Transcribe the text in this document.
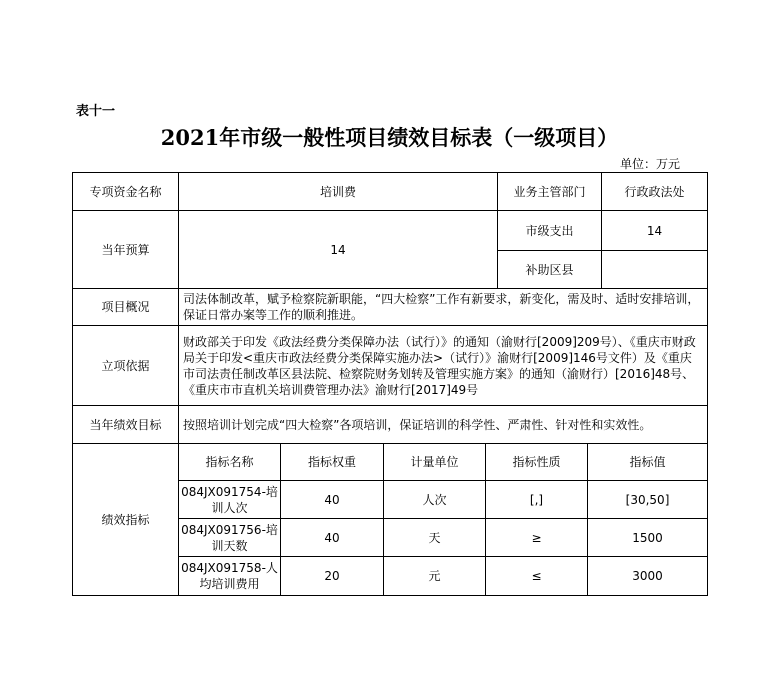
表十一
2021年市级一般性项目绩效目标表（一级项目）
单位：万元
专项资金名称	培训费				业务主管部门		行政政法处
当年预算	14				市级支出		14
					补助区县		
项目概况	司法体制改革，赋予检察院新职能，“四大检察”工作有新要求，新变化，需及时、适时安排培训，保证日常办案等工作的顺利推进。						
立项依据	财政部关于印发《政法经费分类保障办法（试行）》的通知（渝财行[2009]209号）、《重庆市财政局关于印发<重庆市政法经费分类保障实施办法>（试行）》渝财行[2009]146号文件）及《重庆市司法责任制改革区县法院、检察院财务划转及管理实施方案》的通知（渝财行）[2016]48号、《重庆市市直机关培训费管理办法》渝财行[2017]49号						
当年绩效目标	按照培训计划完成“四大检察”各项培训，保证培训的科学性、严肃性、针对性和实效性。						
绩效指标	指标名称	指标权重	计量单位	指标性质		指标值	
	084JX091754-培训人次	40	人次	[,]		[30,50]	
	084JX091756-培训天数	40	天	≥		1500	
	084JX091758-人均培训费用	20	元	≤		3000	
